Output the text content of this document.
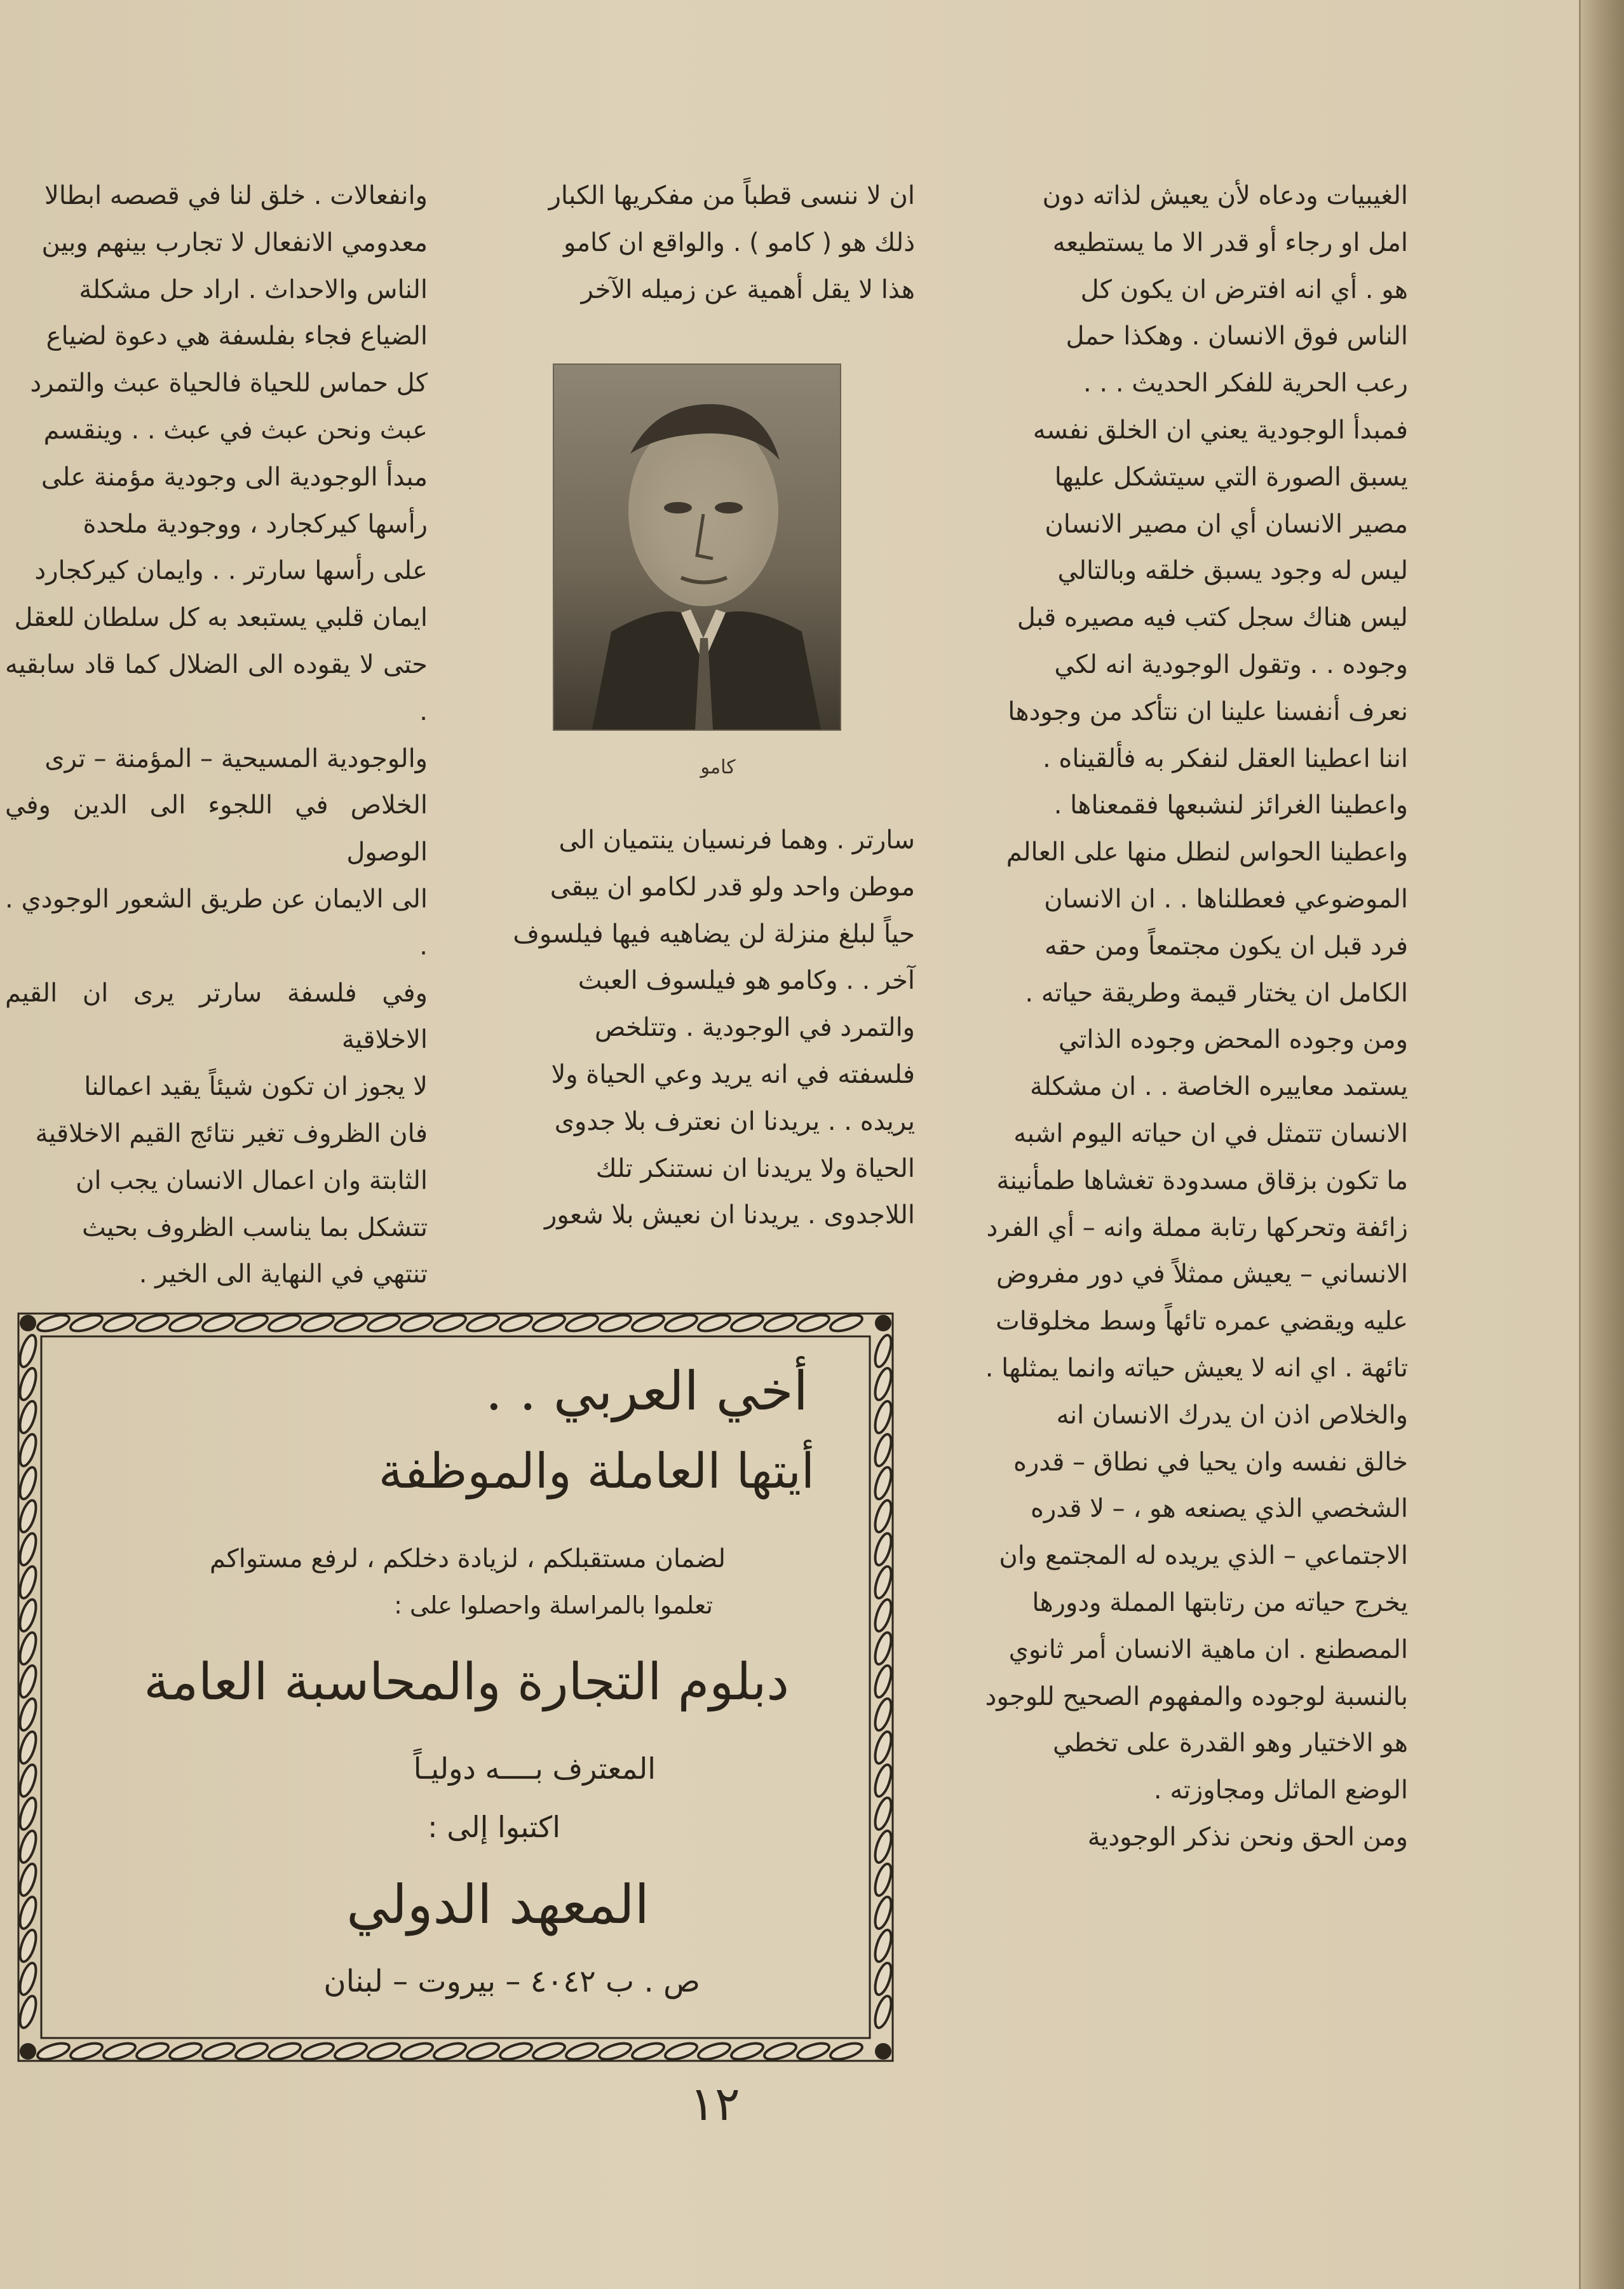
الغيبيات ودعاه لأن يعيش لذاته دون

امل او رجاء أو قدر الا ما يستطيعه

هو . أي انه افترض ان يكون كل

الناس فوق الانسان . وهكذا حمل

رعب الحرية للفكر الحديث . . .

فمبدأ الوجودية يعني ان الخلق نفسه

يسبق الصورة التي سيتشكل عليها

مصير الانسان أي ان مصير الانسان

ليس له وجود يسبق خلقه وبالتالي

ليس هناك سجل كتب فيه مصيره قبل

وجوده . . وتقول الوجودية انه لكي

نعرف أنفسنا علينا ان نتأكد من وجودها

اننا اعطينا العقل لنفكر به فألقيناه .

واعطينا الغرائز لنشبعها فقمعناها .

واعطينا الحواس لنطل منها على العالم

الموضوعي فعطلناها . . ان الانسان

فرد قبل ان يكون مجتمعاً ومن حقه

الكامل ان يختار قيمة وطريقة حياته .

ومن وجوده المحض وجوده الذاتي

يستمد معاييره الخاصة . . ان مشكلة

الانسان تتمثل في ان حياته اليوم اشبه

ما تكون بزقاق مسدودة تغشاها طمأنينة

زائفة وتحركها رتابة مملة وانه – أي الفرد

الانساني – يعيش ممثلاً في دور مفروض

عليه ويقضي عمره تائهاً وسط مخلوقات

تائهة . اي انه لا يعيش حياته وانما يمثلها .

والخلاص اذن ان يدرك الانسان انه

خالق نفسه وان يحيا في نطاق – قدره

الشخصي الذي يصنعه هو ، – لا قدره

الاجتماعي – الذي يريده له المجتمع وان

يخرج حياته من رتابتها المملة ودورها

المصطنع . ان ماهية الانسان أمر ثانوي

بالنسبة لوجوده والمفهوم الصحيح للوجود

هو الاختيار وهو القدرة على تخطي

الوضع الماثل ومجاوزته .

ومن الحق ونحن نذكر الوجودية

ان لا ننسى قطباً من مفكريها الكبار

ذلك هو ( كامو ) . والواقع ان كامو

هذا لا يقل أهمية عن زميله الآخر

كامو

سارتر . وهما فرنسيان ينتميان الى

موطن واحد ولو قدر لكامو ان يبقى

حياً لبلغ منزلة لن يضاهيه فيها فيلسوف

آخر . . وكامو هو فيلسوف العبث

والتمرد في الوجودية . وتتلخص

فلسفته في انه يريد وعي الحياة ولا

يريده . . يريدنا ان نعترف بلا جدوى

الحياة ولا يريدنا ان نستنكر تلك

اللاجدوى . يريدنا ان نعيش بلا شعور

وانفعالات . خلق لنا في قصصه ابطالا

معدومي الانفعال لا تجارب بينهم وبين

الناس والاحداث . اراد حل مشكلة

الضياع فجاء بفلسفة هي دعوة لضياع

كل حماس للحياة فالحياة عبث والتمرد

عبث ونحن عبث في عبث . . وينقسم

مبدأ الوجودية الى وجودية مؤمنة على

رأسها كيركجارد ، ووجودية ملحدة

على رأسها سارتر . . وايمان كيركجارد

ايمان قلبي يستبعد به كل سلطان للعقل

حتى لا يقوده الى الضلال كما قاد سابقيه .

والوجودية المسيحية – المؤمنة – ترى

الخلاص في اللجوء الى الدين وفي الوصول

الى الايمان عن طريق الشعور الوجودي . .

وفي فلسفة سارتر يرى ان القيم الاخلاقية

لا يجوز ان تكون شيئاً يقيد اعمالنا

فان الظروف تغير نتائج القيم الاخلاقية

الثابتة وان اعمال الانسان يجب ان

تتشكل بما يناسب الظروف بحيث

تنتهي في النهاية الى الخير .

أخي العربي . .
أيتها العاملة والموظفة
لضمان مستقبلكم ، لزيادة دخلكم ، لرفع مستواكم
تعلموا بالمراسلة واحصلوا على :
دبلوم التجارة والمحاسبة العامة
المعترف بــــه دوليـاً
اكتبوا إلى :
المعهد الدولي
ص . ب ٤٠٤٢ – بيروت – لبنان
١٢
